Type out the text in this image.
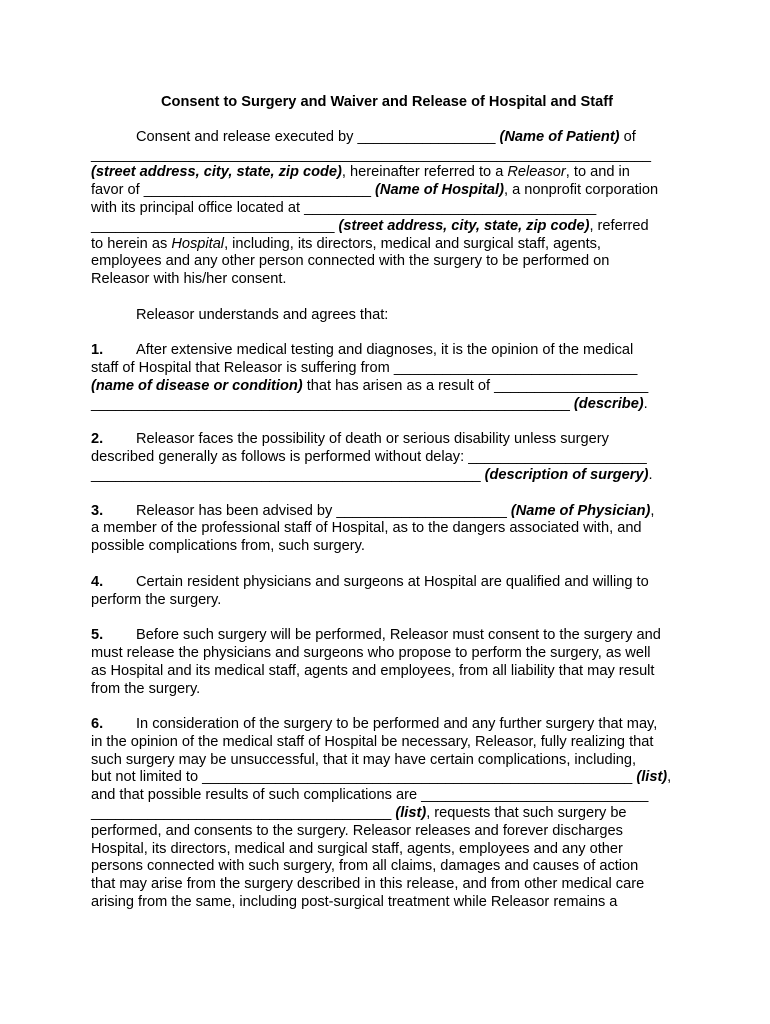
Consent to Surgery and Waiver and Release of Hospital and Staff
Consent and release executed by _________________ (Name of Patient) of
_____________________________________________________________________
(street address, city, state, zip code), hereinafter referred to a Releasor, to and in
favor of ____________________________ (Name of Hospital), a nonprofit corporation
with its principal office located at ____________________________________
______________________________ (street address, city, state, zip code), referred
to herein as Hospital, including, its directors, medical and surgical staff, agents,
employees and any other person connected with the surgery to be performed on
Releasor with his/her consent.
Releasor understands and agrees that:
1. After extensive medical testing and diagnoses, it is the opinion of the medical
staff of Hospital that Releasor is suffering from ______________________________
(name of disease or condition) that has arisen as a result of ___________________
___________________________________________________________ (describe).
2. Releasor faces the possibility of death or serious disability unless surgery
described generally as follows is performed without delay: ______________________
________________________________________________ (description of surgery).
3. Releasor has been advised by _____________________ (Name of Physician),
a member of the professional staff of Hospital, as to the dangers associated with, and
possible complications from, such surgery.
4. Certain resident physicians and surgeons at Hospital are qualified and willing to
perform the surgery.
5. Before such surgery will be performed, Releasor must consent to the surgery and
must release the physicians and surgeons who propose to perform the surgery, as well
as Hospital and its medical staff, agents and employees, from all liability that may result
from the surgery.
6. In consideration of the surgery to be performed and any further surgery that may,
in the opinion of the medical staff of Hospital be necessary, Releasor, fully realizing that
such surgery may be unsuccessful, that it may have certain complications, including,
but not limited to _____________________________________________________ (list),
and that possible results of such complications are ____________________________
_____________________________________ (list), requests that such surgery be
performed, and consents to the surgery. Releasor releases and forever discharges
Hospital, its directors, medical and surgical staff, agents, employees and any other
persons connected with such surgery, from all claims, damages and causes of action
that may arise from the surgery described in this release, and from other medical care
arising from the same, including post-surgical treatment while Releasor remains a
